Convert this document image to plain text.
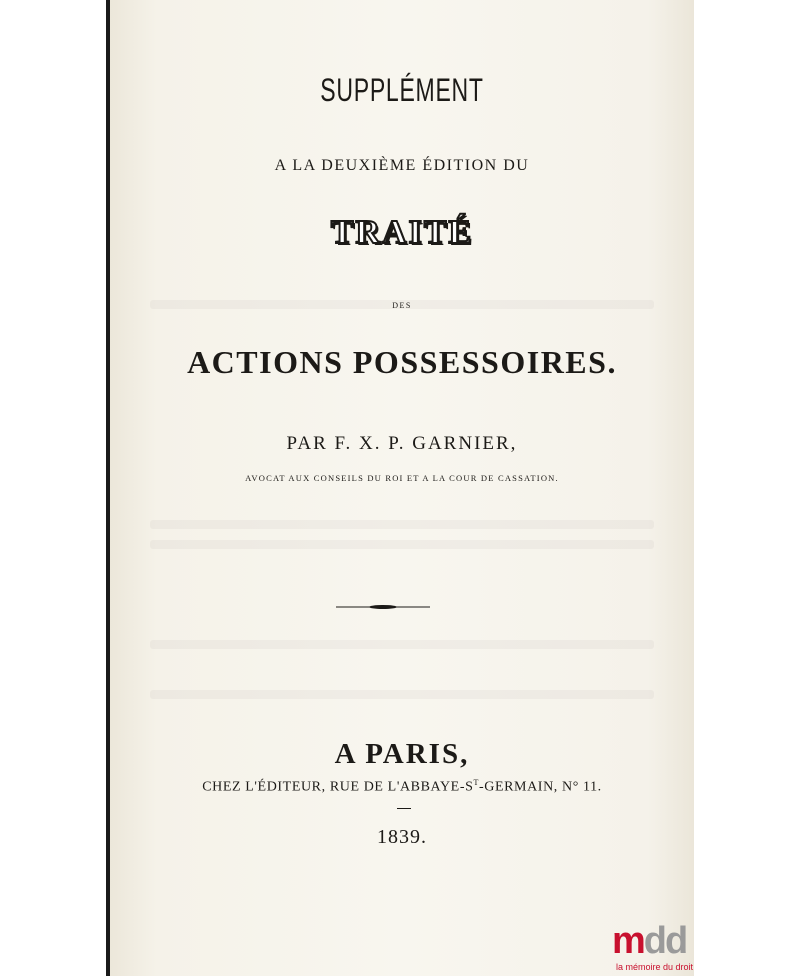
SUPPLÉMENT
A LA DEUXIÈME ÉDITION DU
TRAITÉ
DES
ACTIONS POSSESSOIRES.
PAR F. X. P. GARNIER,
AVOCAT AUX CONSEILS DU ROI ET A LA COUR DE CASSATION.
A PARIS,
CHEZ L'ÉDITEUR, RUE DE $L'ABBAYE-S^T$-GERMAIN, N° 11.
1839.
mdd
la mémoire du droit
